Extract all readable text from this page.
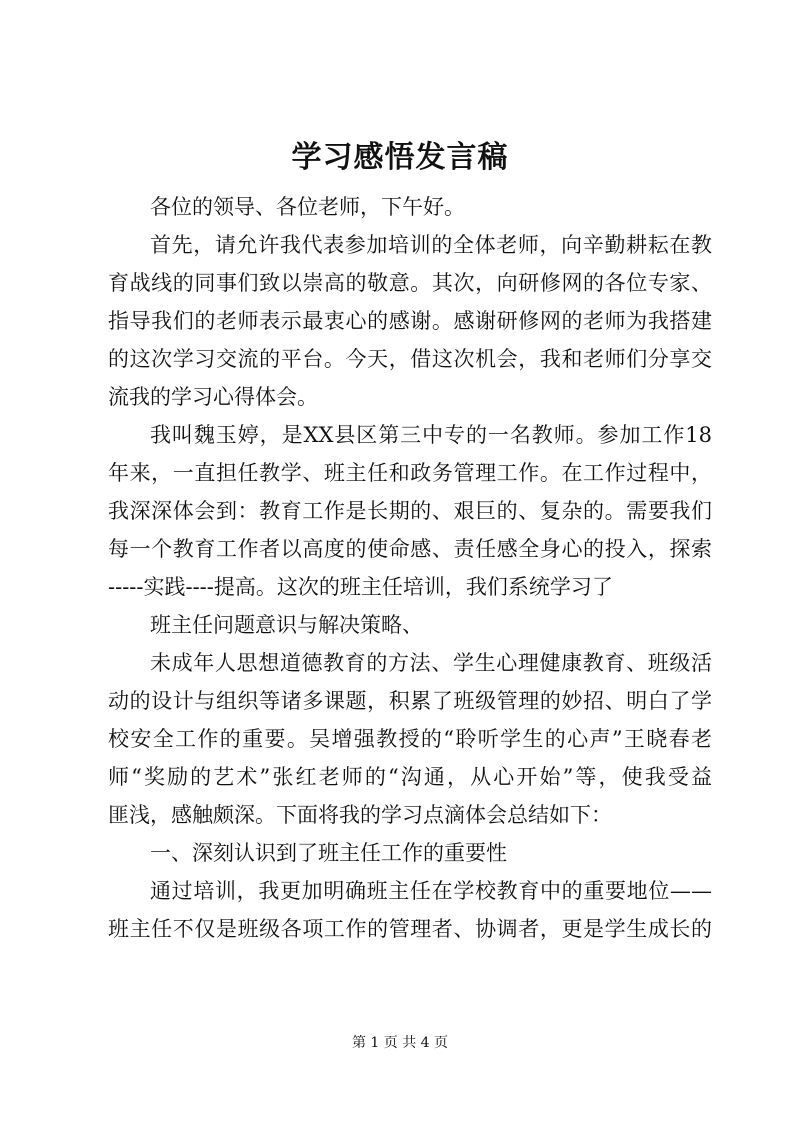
学习感悟发言稿
各位的领导、各位老师，下午好。
首先，请允许我代表参加培训的全体老师，向辛勤耕耘在教
育战线的同事们致以崇高的敬意。其次，向研修网的各位专家、
指导我们的老师表示最衷心的感谢。感谢研修网的老师为我搭建
的这次学习交流的平台。今天，借这次机会，我和老师们分享交
流我的学习心得体会。
我叫魏玉婷，是XX县区第三中专的一名教师。参加工作18
年来，一直担任教学、班主任和政务管理工作。在工作过程中，
我深深体会到：教育工作是长期的、艰巨的、复杂的。需要我们
每一个教育工作者以高度的使命感、责任感全身心的投入，探索
-----实践----提高。这次的班主任培训，我们系统学习了
班主任问题意识与解决策略、
未成年人思想道德教育的方法、学生心理健康教育、班级活
动的设计与组织等诸多课题，积累了班级管理的妙招、明白了学
校安全工作的重要。吴增强教授的“聆听学生的心声”王晓春老
师“奖励的艺术”张红老师的“沟通，从心开始”等，使我受益
匪浅，感触颇深。下面将我的学习点滴体会总结如下：
一、深刻认识到了班主任工作的重要性
通过培训，我更加明确班主任在学校教育中的重要地位——
班主任不仅是班级各项工作的管理者、协调者，更是学生成长的
第 1 页 共 4 页
